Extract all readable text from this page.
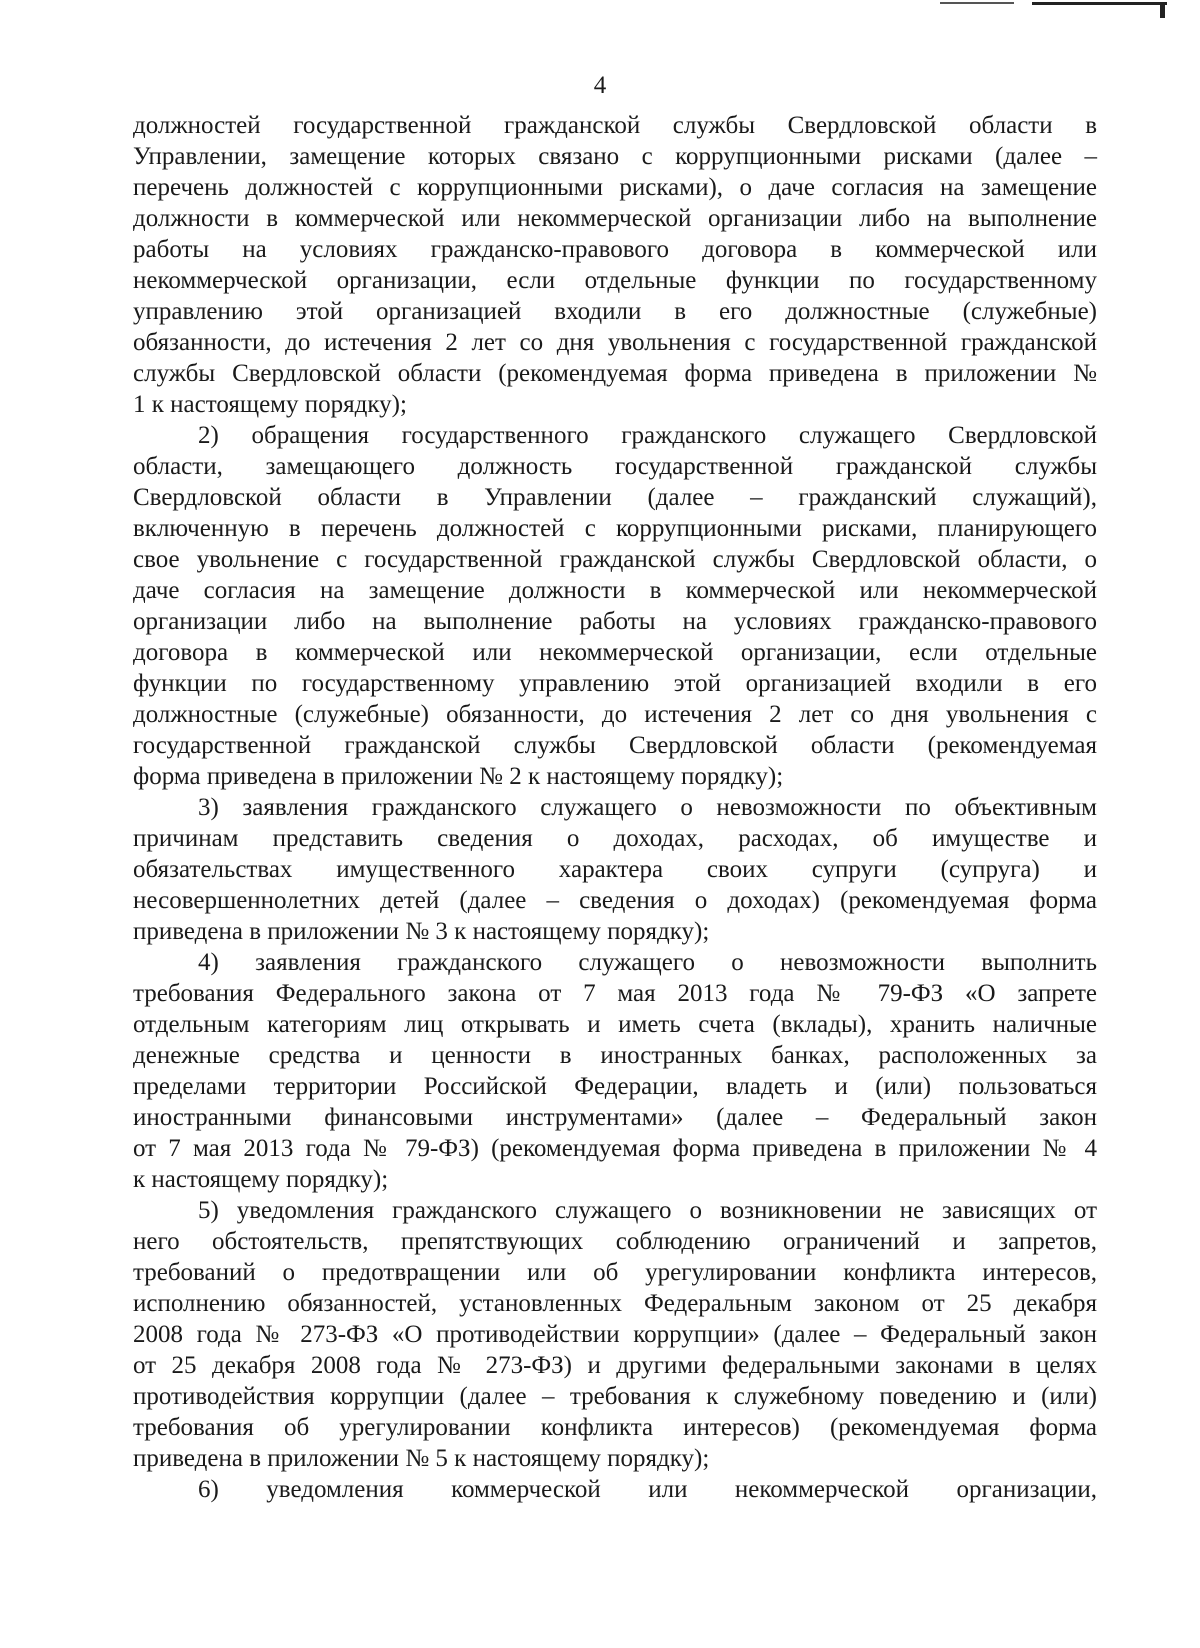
4
должностей государственной гражданской службы Свердловской области в
Управлении, замещение которых связано с коррупционными рисками (далее –
перечень должностей с коррупционными рисками), о даче согласия на замещение
должности в коммерческой или некоммерческой организации либо на выполнение
работы на условиях гражданско-правового договора в коммерческой или
некоммерческой организации, если отдельные функции по государственному
управлению этой организацией входили в его должностные (служебные)
обязанности, до истечения 2 лет со дня увольнения с государственной гражданской
службы Свердловской области (рекомендуемая форма приведена в приложении №
1 к настоящему порядку);
2) обращения государственного гражданского служащего Свердловской
области, замещающего должность государственной гражданской службы
Свердловской области в Управлении (далее – гражданский служащий),
включенную в перечень должностей с коррупционными рисками, планирующего
свое увольнение с государственной гражданской службы Свердловской области, о
даче согласия на замещение должности в коммерческой или некоммерческой
организации либо на выполнение работы на условиях гражданско-правового
договора в коммерческой или некоммерческой организации, если отдельные
функции по государственному управлению этой организацией входили в его
должностные (служебные) обязанности, до истечения 2 лет со дня увольнения с
государственной гражданской службы Свердловской области (рекомендуемая
форма приведена в приложении № 2 к настоящему порядку);
3) заявления гражданского служащего о невозможности по объективным
причинам представить сведения о доходах, расходах, об имуществе и
обязательствах имущественного характера своих супруги (супруга) и
несовершеннолетних детей (далее – сведения о доходах) (рекомендуемая форма
приведена в приложении № 3 к настоящему порядку);
4) заявления гражданского служащего о невозможности выполнить
требования Федерального закона от 7 мая 2013 года № 79-ФЗ «О запрете
отдельным категориям лиц открывать и иметь счета (вклады), хранить наличные
денежные средства и ценности в иностранных банках, расположенных за
пределами территории Российской Федерации, владеть и (или) пользоваться
иностранными финансовыми инструментами» (далее – Федеральный закон
от 7 мая 2013 года № 79-ФЗ) (рекомендуемая форма приведена в приложении № 4
к настоящему порядку);
5) уведомления гражданского служащего о возникновении не зависящих от
него обстоятельств, препятствующих соблюдению ограничений и запретов,
требований о предотвращении или об урегулировании конфликта интересов,
исполнению обязанностей, установленных Федеральным законом от 25 декабря
2008 года № 273-ФЗ «О противодействии коррупции» (далее – Федеральный закон
от 25 декабря 2008 года № 273-ФЗ) и другими федеральными законами в целях
противодействия коррупции (далее – требования к служебному поведению и (или)
требования об урегулировании конфликта интересов) (рекомендуемая форма
приведена в приложении № 5 к настоящему порядку);
6) уведомления коммерческой или некоммерческой организации,
